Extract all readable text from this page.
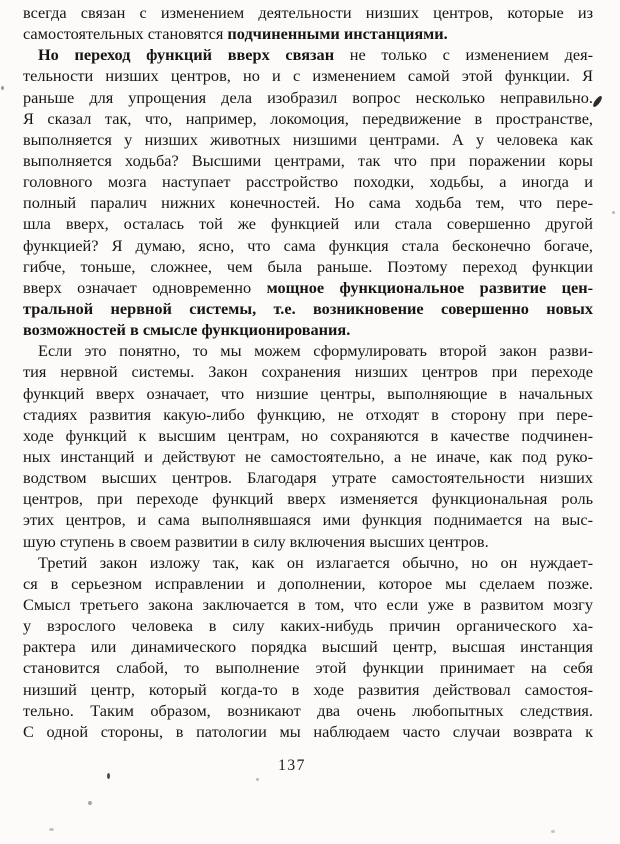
всегда связан с изменением деятельности низших центров, которые из
самостоятельных становятся подчиненными инстанциями.
Но переход функций вверх связан не только с изменением дея-
тельности низших центров, но и с изменением самой этой функции. Я
раньше для упрощения дела изобразил вопрос несколько неправильно.
Я сказал так, что, например, локомоция, передвижение в пространстве,
выполняется у низших животных низшими центрами. А у человека как
выполняется ходьба? Высшими центрами, так что при поражении коры
головного мозга наступает расстройство походки, ходьбы, а иногда и
полный паралич нижних конечностей. Но сама ходьба тем, что пере-
шла вверх, осталась той же функцией или стала совершенно другой
функцией? Я думаю, ясно, что сама функция стала бесконечно богаче,
гибче, тоньше, сложнее, чем была раньше. Поэтому переход функции
вверх означает одновременно мощное функциональное развитие цен-
тральной нервной системы, т.е. возникновение совершенно новых
возможностей в смысле функционирования.
Если это понятно, то мы можем сформулировать второй закон разви-
тия нервной системы. Закон сохранения низших центров при переходе
функций вверх означает, что низшие центры, выполняющие в начальных
стадиях развития какую-либо функцию, не отходят в сторону при пере-
ходе функций к высшим центрам, но сохраняются в качестве подчинен-
ных инстанций и действуют не самостоятельно, а не иначе, как под руко-
водством высших центров. Благодаря утрате самостоятельности низших
центров, при переходе функций вверх изменяется функциональная роль
этих центров, и сама выполнявшаяся ими функция поднимается на выс-
шую ступень в своем развитии в силу включения высших центров.
Третий закон изложу так, как он излагается обычно, но он нуждает-
ся в серьезном исправлении и дополнении, которое мы сделаем позже.
Смысл третьего закона заключается в том, что если уже в развитом мозгу
у взрослого человека в силу каких-нибудь причин органического ха-
рактера или динамического порядка высший центр, высшая инстанция
становится слабой, то выполнение этой функции принимает на себя
низший центр, который когда-то в ходе развития действовал самостоя-
тельно. Таким образом, возникают два очень любопытных следствия.
С одной стороны, в патологии мы наблюдаем часто случаи возврата к
137
